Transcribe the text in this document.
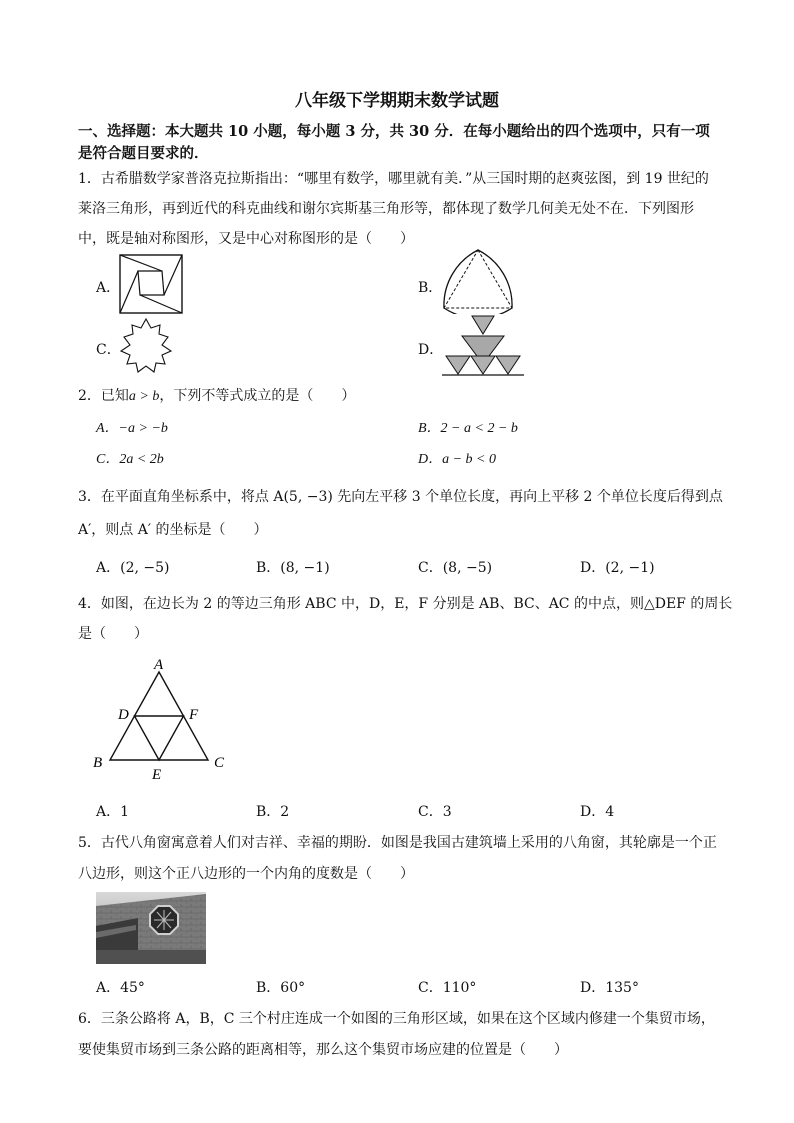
八年级下学期期末数学试题
一、选择题：本大题共 10 小题，每小题 3 分，共 30 分．在每小题给出的四个选项中，只有一项
是符合题目要求的．
1．古希腊数学家普洛克拉斯指出：“哪里有数学，哪里就有美．”从三国时期的赵爽弦图，到 19 世纪的
莱洛三角形，再到近代的科克曲线和谢尔宾斯基三角形等，都体现了数学几何美无处不在．下列图形
中，既是轴对称图形，又是中心对称图形的是（　　）
A．	B．
C．	D．
2．已知a > b，下列不等式成立的是（　　）
A．−a > −b	B．2 − a < 2 − b
C．2a < 2b	D．a − b < 0
3．在平面直角坐标系中，将点 A(5, −3) 先向左平移 3 个单位长度，再向上平移 2 个单位长度后得到点
A′，则点 A′ 的坐标是（　　）
A．(2, −5)	B．(8, −1)	C．(8, −5)	D．(2, −1)
4．如图，在边长为 2 的等边三角形 ABC 中，D，E，F 分别是 AB、BC、AC 的中点，则△DEF 的周长
是（　　）
A
B	C
D
E
F
A．1	B．2	C．3	D．4
5．古代八角窗寓意着人们对吉祥、幸福的期盼．如图是我国古建筑墙上采用的八角窗，其轮廓是一个正
八边形，则这个正八边形的一个内角的度数是（　　）
A．45°	B．60°	C．110°	D．135°
6．三条公路将 A，B，C 三个村庄连成一个如图的三角形区域，如果在这个区域内修建一个集贸市场，
要使集贸市场到三条公路的距离相等，那么这个集贸市场应建的位置是（　　）
